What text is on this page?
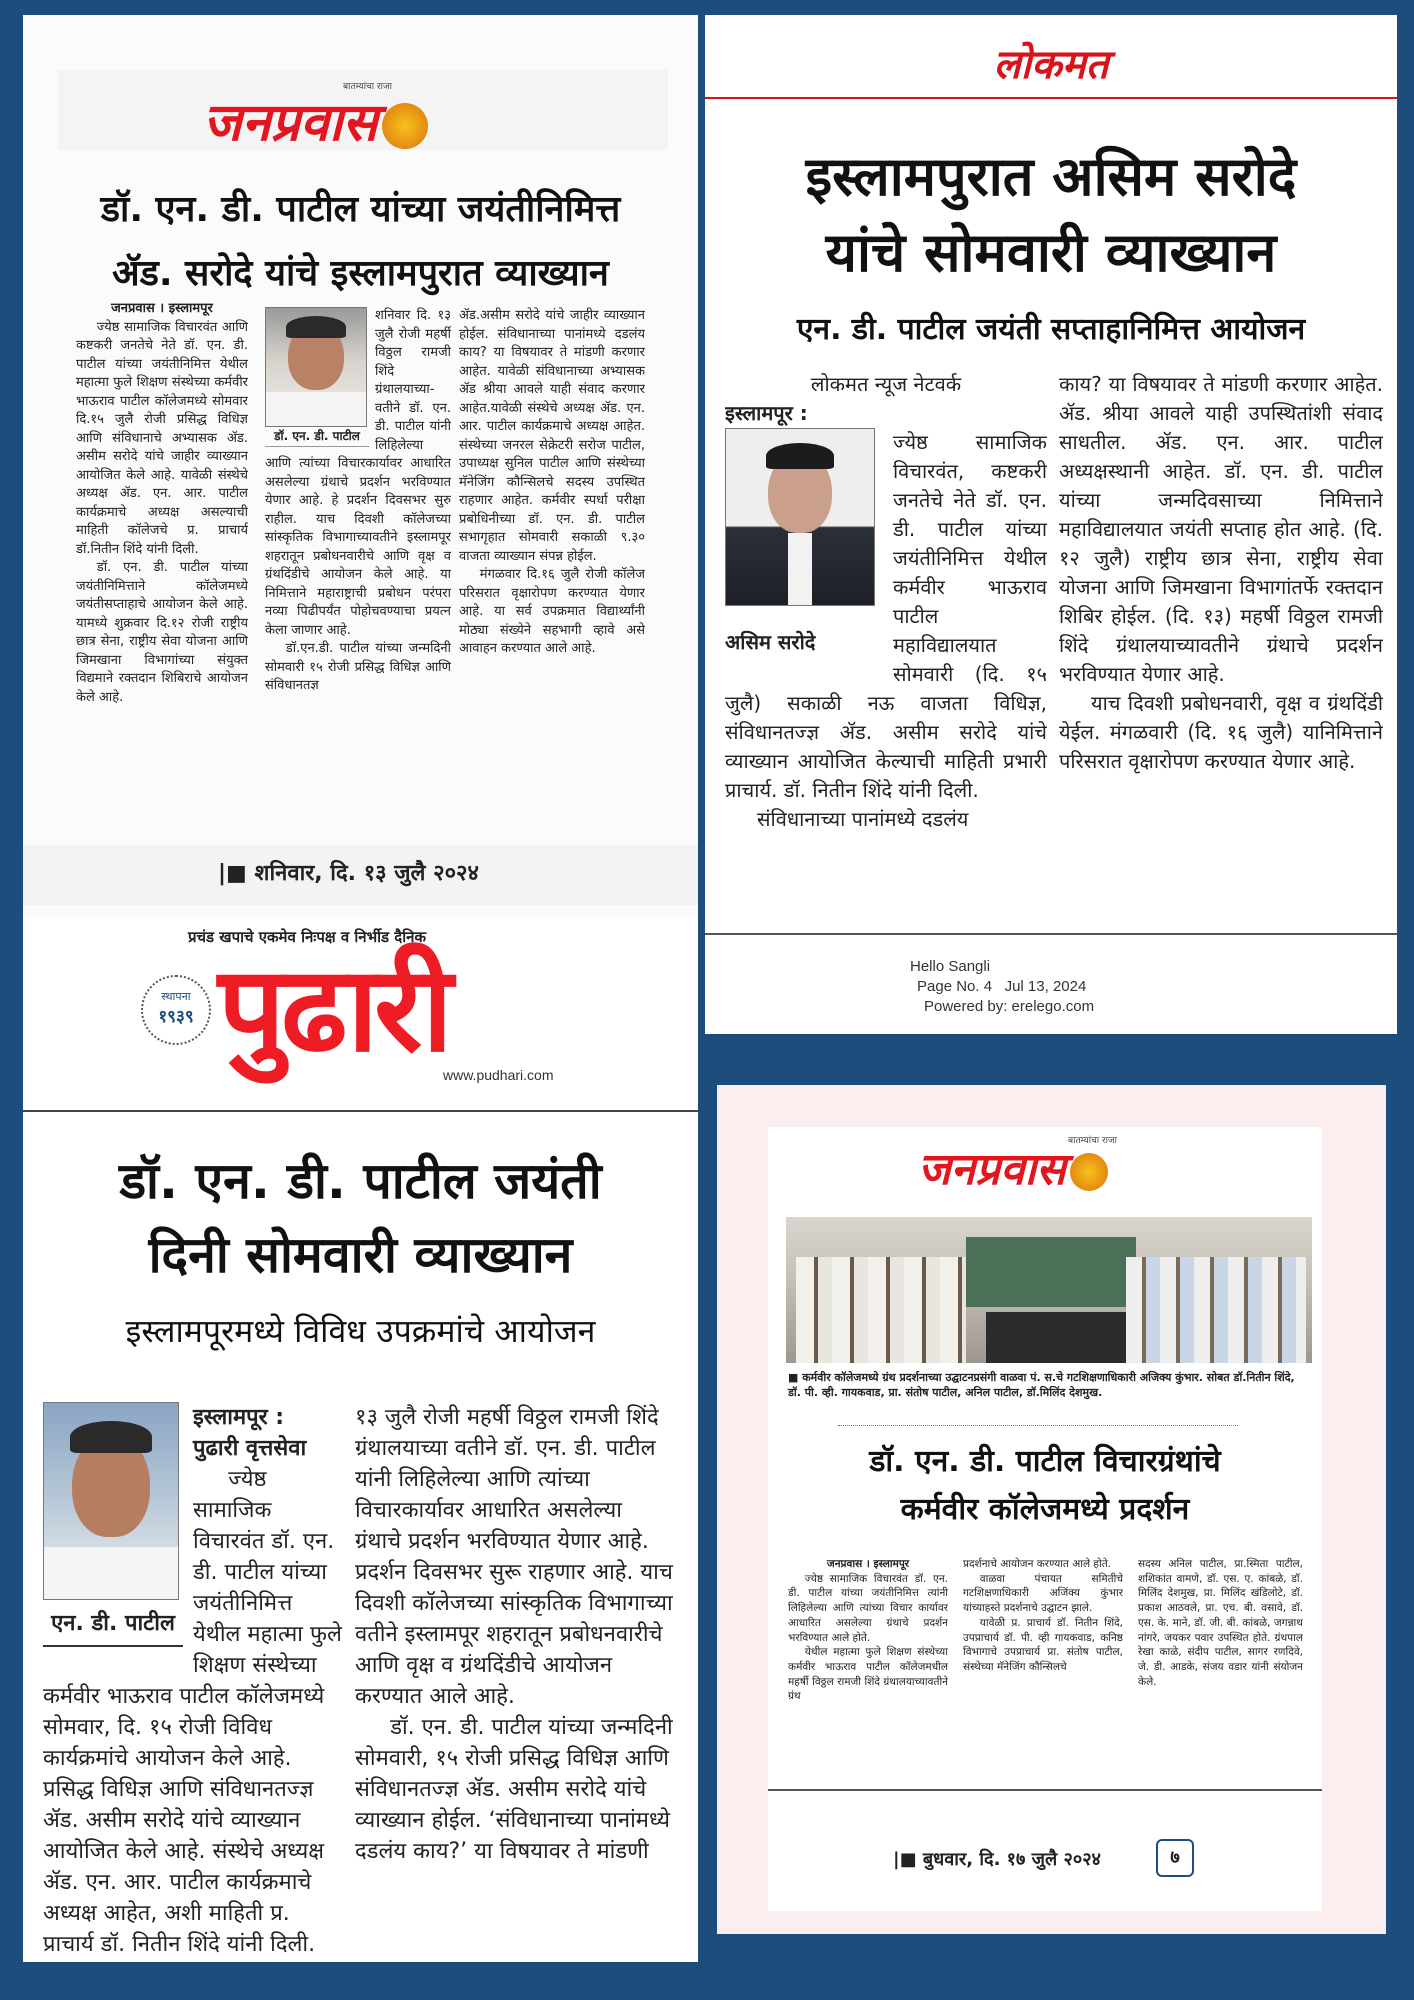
बातम्यांचा राजा
जनप्रवास
डॉ. एन. डी. पाटील यांच्या जयंतीनिमित्त
ॲड. सरोदे यांचे इस्लामपुरात व्याख्यान

जनप्रवास । इस्लामपूर

ज्येष्ठ सामाजिक विचारवंत आणि कष्टकरी जनतेचे नेते डॉ. एन. डी. पाटील यांच्या जयंतीनिमित्त येथील महात्मा फुले शिक्षण संस्थेच्या कर्मवीर भाऊराव पाटील कॉलेजमध्ये सोमवार दि.१५ जुलै रोजी प्रसिद्ध विधिज्ञ आणि संविधानाचे अभ्यासक ॲड. असीम सरोदे यांचे जाहीर व्याख्यान आयोजित केले आहे. यावेळी संस्थेचे अध्यक्ष ॲड. एन. आर. पाटील कार्यक्रमाचे अध्यक्ष असल्याची माहिती कॉलेजचे प्र. प्राचार्य डॉ.नितीन शिंदे यांनी दिली.

डॉ. एन. डी. पाटील यांच्या जयंतीनिमित्ताने कॉलेजमध्ये जयंतीसप्ताहाचे आयोजन केले आहे. यामध्ये शुक्रवार दि.१२ रोजी राष्ट्रीय छात्र सेना, राष्ट्रीय सेवा योजना आणि जिमखाना विभागांच्या संयुक्त विद्यमाने रक्तदान शिबिराचे आयोजन केले आहे.

डॉ. एन. डी. पाटील

शनिवार दि. १३ जुलै रोजी महर्षी विठ्ठल रामजी शिंदे ग्रंथालयाच्या-वतीने डॉ. एन. डी. पाटील यांनी लिहिलेल्या आणि त्यांच्या विचारकार्यावर आधारित असलेल्या ग्रंथाचे प्रदर्शन भरविण्यात येणार आहे. हे प्रदर्शन दिवसभर सुरु राहील. याच दिवशी कॉलेजच्या सांस्कृतिक विभागाच्यावतीने इस्लामपूर शहरातून प्रबोधनवारीचे आणि वृक्ष व ग्रंथदिंडीचे आयोजन केले आहे. या निमित्ताने महाराष्ट्राची प्रबोधन परंपरा नव्या पिढीपर्यंत पोहोचवण्याचा प्रयत्न केला जाणार आहे.

डॉ.एन.डी. पाटील यांच्या जन्मदिनी सोमवारी १५ रोजी प्रसिद्ध विधिज्ञ आणि संविधानतज्ञ

ॲड.असीम सरोदे यांचे जाहीर व्याख्यान होईल. संविधानाच्या पानांमध्ये दडलंय काय? या विषयावर ते मांडणी करणार आहेत. यावेळी संविधानाच्या अभ्यासक ॲड श्रीया आवले याही संवाद करणार आहेत.यावेळी संस्थेचे अध्यक्ष ॲड. एन. आर. पाटील कार्यक्रमाचे अध्यक्ष आहेत. संस्थेच्या जनरल सेक्रेटरी सरोज पाटील, उपाध्यक्ष सुनिल पाटील आणि संस्थेच्या मॅनेजिंग कौन्सिलचे सदस्य उपस्थित राहणार आहेत. कर्मवीर स्पर्धा परीक्षा प्रबोधिनीच्या डॉ. एन. डी. पाटील सभागृहात सोमवारी सकाळी ९.३० वाजता व्याख्यान संपन्न होईल.

मंगळवार दि.१६ जुलै रोजी कॉलेज परिसरात वृक्षारोपण करण्यात येणार आहे. या सर्व उपक्रमात विद्यार्थ्यांनी मोठ्या संख्येने सहभागी व्हावे असे आवाहन करण्यात आले आहे.

|■ शनिवार, दि. १३ जुलै २०२४
लोकमत
इस्लामपुरात असिम सरोदे
यांचे सोमवारी व्याख्यान
एन. डी. पाटील जयंती सप्ताहानिमित्त आयोजन

लोकमत न्यूज नेटवर्क

इस्लामपूर :

असिम सरोदे

ज्येष्ठ सामाजिक विचारवंत, कष्टकरी जनतेचे नेते डॉ. एन. डी. पाटील यांच्या जयंतीनिमित्त येथील कर्मवीर भाऊराव पाटील महाविद्यालयात सोमवारी (दि. १५ जुलै) सकाळी नऊ वाजता विधिज्ञ, संविधानतज्ज्ञ ॲड. असीम सरोदे यांचे व्याख्यान आयोजित केल्याची माहिती प्रभारी प्राचार्य. डॉ. नितीन शिंदे यांनी दिली.

संविधानाच्या पानांमध्ये दडलंय

काय? या विषयावर ते मांडणी करणार आहेत. ॲड. श्रीया आवले याही उपस्थितांशी संवाद साधतील. ॲड. एन. आर. पाटील अध्यक्षस्थानी आहेत. डॉ. एन. डी. पाटील यांच्या जन्मदिवसाच्या निमित्ताने महाविद्यालयात जयंती सप्ताह होत आहे. (दि. १२ जुलै) राष्ट्रीय छात्र सेना, राष्ट्रीय सेवा योजना आणि जिमखाना विभागांतर्फे रक्तदान शिबिर होईल. (दि. १३) महर्षी विठ्ठल रामजी शिंदे ग्रंथालयाच्यावतीने ग्रंथाचे प्रदर्शन भरविण्यात येणार आहे.

याच दिवशी प्रबोधनवारी, वृक्ष व ग्रंथदिंडी येईल. मंगळवारी (दि. १६ जुलै) यानिमित्ताने परिसरात वृक्षारोपण करण्यात येणार आहे.

Hello Sangli
Page No. 4 Jul 13, 2024
Powered by: erelego.com
प्रचंड खपाचे एकमेव निःपक्ष व निर्भीड दैनिक
स्थापना
१९३९ पुढारी
www.pudhari.com
डॉ. एन. डी. पाटील जयंती
दिनी सोमवारी व्याख्यान
इस्लामपूरमध्ये विविध उपक्रमांचे आयोजन
एन. डी. पाटील

इस्लामपूर :

पुढारी वृत्तसेवा

ज्येष्ठ सामाजिक विचारवंत डॉ. एन. डी. पाटील यांच्या जयंतीनिमित्त येथील महात्मा फुले शिक्षण संस्थेच्या कर्मवीर भाऊराव पाटील कॉलेजमध्ये सोमवार, दि. १५ रोजी विविध कार्यक्रमांचे आयोजन केले आहे. प्रसिद्ध विधिज्ञ आणि संविधानतज्ज्ञ ॲड. असीम सरोदे यांचे व्याख्यान आयोजित केले आहे. संस्थेचे अध्यक्ष ॲड. एन. आर. पाटील कार्यक्रमाचे अध्यक्ष आहेत, अशी माहिती प्र. प्राचार्य डॉ. नितीन शिंदे यांनी दिली.

१३ जुलै रोजी महर्षी विठ्ठल रामजी शिंदे ग्रंथालयाच्या वतीने डॉ. एन. डी. पाटील यांनी लिहिलेल्या आणि त्यांच्या विचारकार्यावर आधारित असलेल्या ग्रंथाचे प्रदर्शन भरविण्यात येणार आहे. प्रदर्शन दिवसभर सुरू राहणार आहे. याच दिवशी कॉलेजच्या सांस्कृतिक विभागाच्या वतीने इस्लामपूर शहरातून प्रबोधनवारीचे आणि वृक्ष व ग्रंथदिंडीचे आयोजन करण्यात आले आहे.

डॉ. एन. डी. पाटील यांच्या जन्मदिनी सोमवारी, १५ रोजी प्रसिद्ध विधिज्ञ आणि संविधानतज्ज्ञ ॲड. असीम सरोदे यांचे व्याख्यान होईल. ‘संविधानाच्या पानांमध्ये दडलंय काय?’ या विषयावर ते मांडणी

बातम्यांचा राजा
जनप्रवास
■ कर्मवीर कॉलेजमध्ये ग्रंथ प्रदर्शनाच्या उद्घाटनप्रसंगी वाळवा पं. स.चे गटशिक्षणाधिकारी अजिक्य कुंभार. सोबत डॉ.नितीन शिंदे, डॉ. पी. व्ही. गायकवाड, प्रा. संतोष पाटील, अनिल पाटील, डॉ.मिलिंद देशमुख.
डॉ. एन. डी. पाटील विचारग्रंथांचे
कर्मवीर कॉलेजमध्ये प्रदर्शन

जनप्रवास । इस्लामपूर

ज्येष्ठ सामाजिक विचारवंत डॉ. एन. डी. पाटील यांच्या जयंतीनिमित्त त्यांनी लिहिलेल्या आणि त्यांच्या विचार कार्यावर आधारित असलेल्या ग्रंथाचे प्रदर्शन भरविण्यात आले होते.

येथील महात्मा फुले शिक्षण संस्थेच्या कर्मवीर भाऊराव पाटील कॉलेजमधील महर्षी विठ्ठल रामजी शिंदे ग्रंथालयाच्यावतीने ग्रंथ

प्रदर्शनाचे आयोजन करण्यात आले होते.

वाळवा पंचायत समितीचे गटशिक्षणाधिकारी अजिंक्य कुंभार यांच्याहस्ते प्रदर्शनाचे उद्घाटन झाले.

यावेळी प्र. प्राचार्य डॉ. नितीन शिंदे, उपप्राचार्य डॉ. पी. व्ही गायकवाड, कनिष्ठ विभागाचे उपप्राचार्य प्रा. संतोष पाटील, संस्थेच्या मॅनेजिंग कौन्सिलचे

सदस्य अनिल पाटील, प्रा.स्मिता पाटील, शशिकांत वामणे, डॉ. एस. ए. कांबळे, डॉ. मिलिंद देशमुख, प्रा. मिलिंद खंडिलोटे, डॉ. प्रकाश आठवले, प्रा. एच. बी. वसावे, डॉ. एस. के. माने, डॉ. जी. बी. कांबळे, जगन्नाथ नांगरे, जयकर पवार उपस्थित होते. ग्रंथपाल रेखा काळे, संदीप पाटील, सागर रणदिवे, जे. डी. आडके, संजय वडार यांनी संयोजन केले.

|■ बुधवार, दि. १७ जुलै २०२४	७
